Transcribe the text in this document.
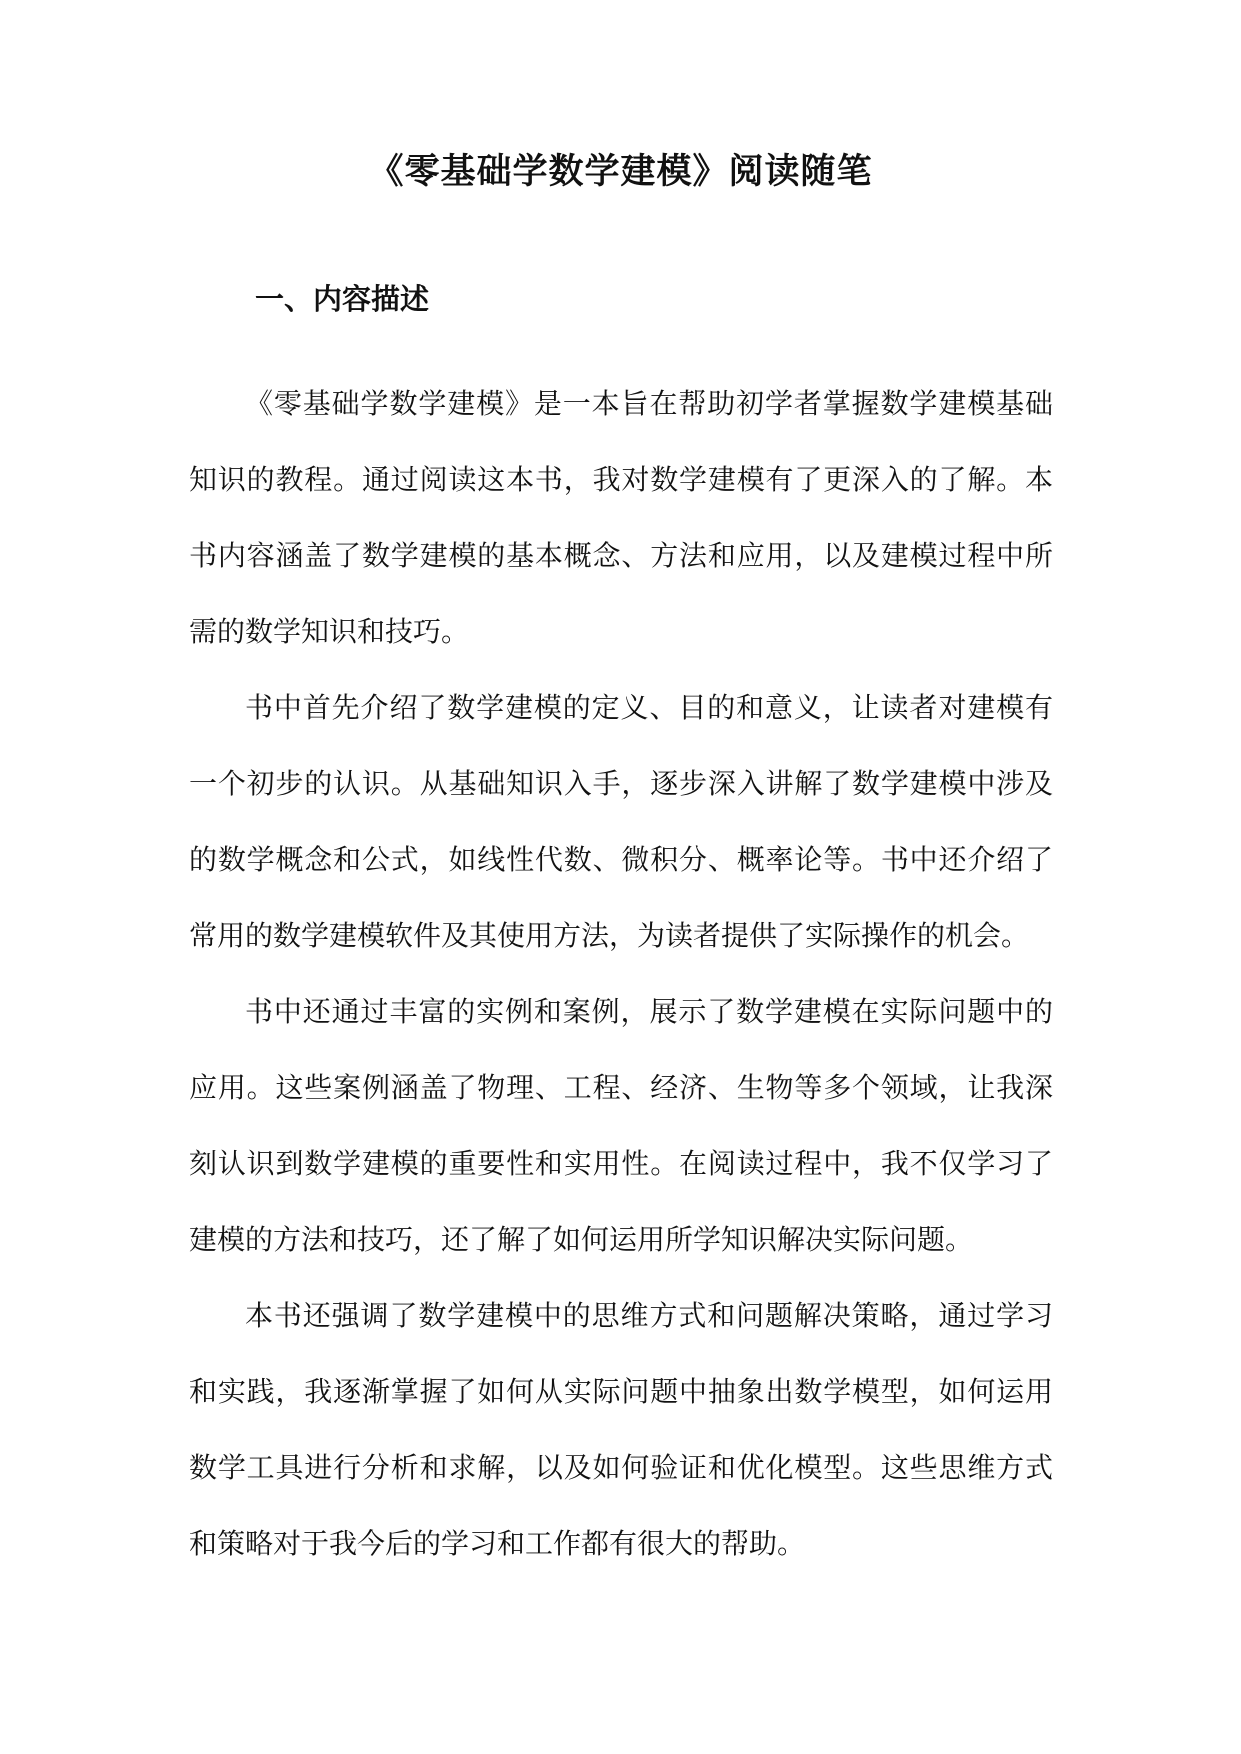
《零基础学数学建模》阅读随笔
一、内容描述

《零基础学数学建模》是一本旨在帮助初学者掌握数学建模基础知识的教程。通过阅读这本书，我对数学建模有了更深入的了解。本书内容涵盖了数学建模的基本概念、方法和应用，以及建模过程中所需的数学知识和技巧。

书中首先介绍了数学建模的定义、目的和意义，让读者对建模有一个初步的认识。从基础知识入手，逐步深入讲解了数学建模中涉及的数学概念和公式，如线性代数、微积分、概率论等。书中还介绍了常用的数学建模软件及其使用方法，为读者提供了实际操作的机会。

书中还通过丰富的实例和案例，展示了数学建模在实际问题中的应用。这些案例涵盖了物理、工程、经济、生物等多个领域，让我深刻认识到数学建模的重要性和实用性。在阅读过程中，我不仅学习了建模的方法和技巧，还了解了如何运用所学知识解决实际问题。

本书还强调了数学建模中的思维方式和问题解决策略，通过学习和实践，我逐渐掌握了如何从实际问题中抽象出数学模型，如何运用数学工具进行分析和求解，以及如何验证和优化模型。这些思维方式和策略对于我今后的学习和工作都有很大的帮助。
